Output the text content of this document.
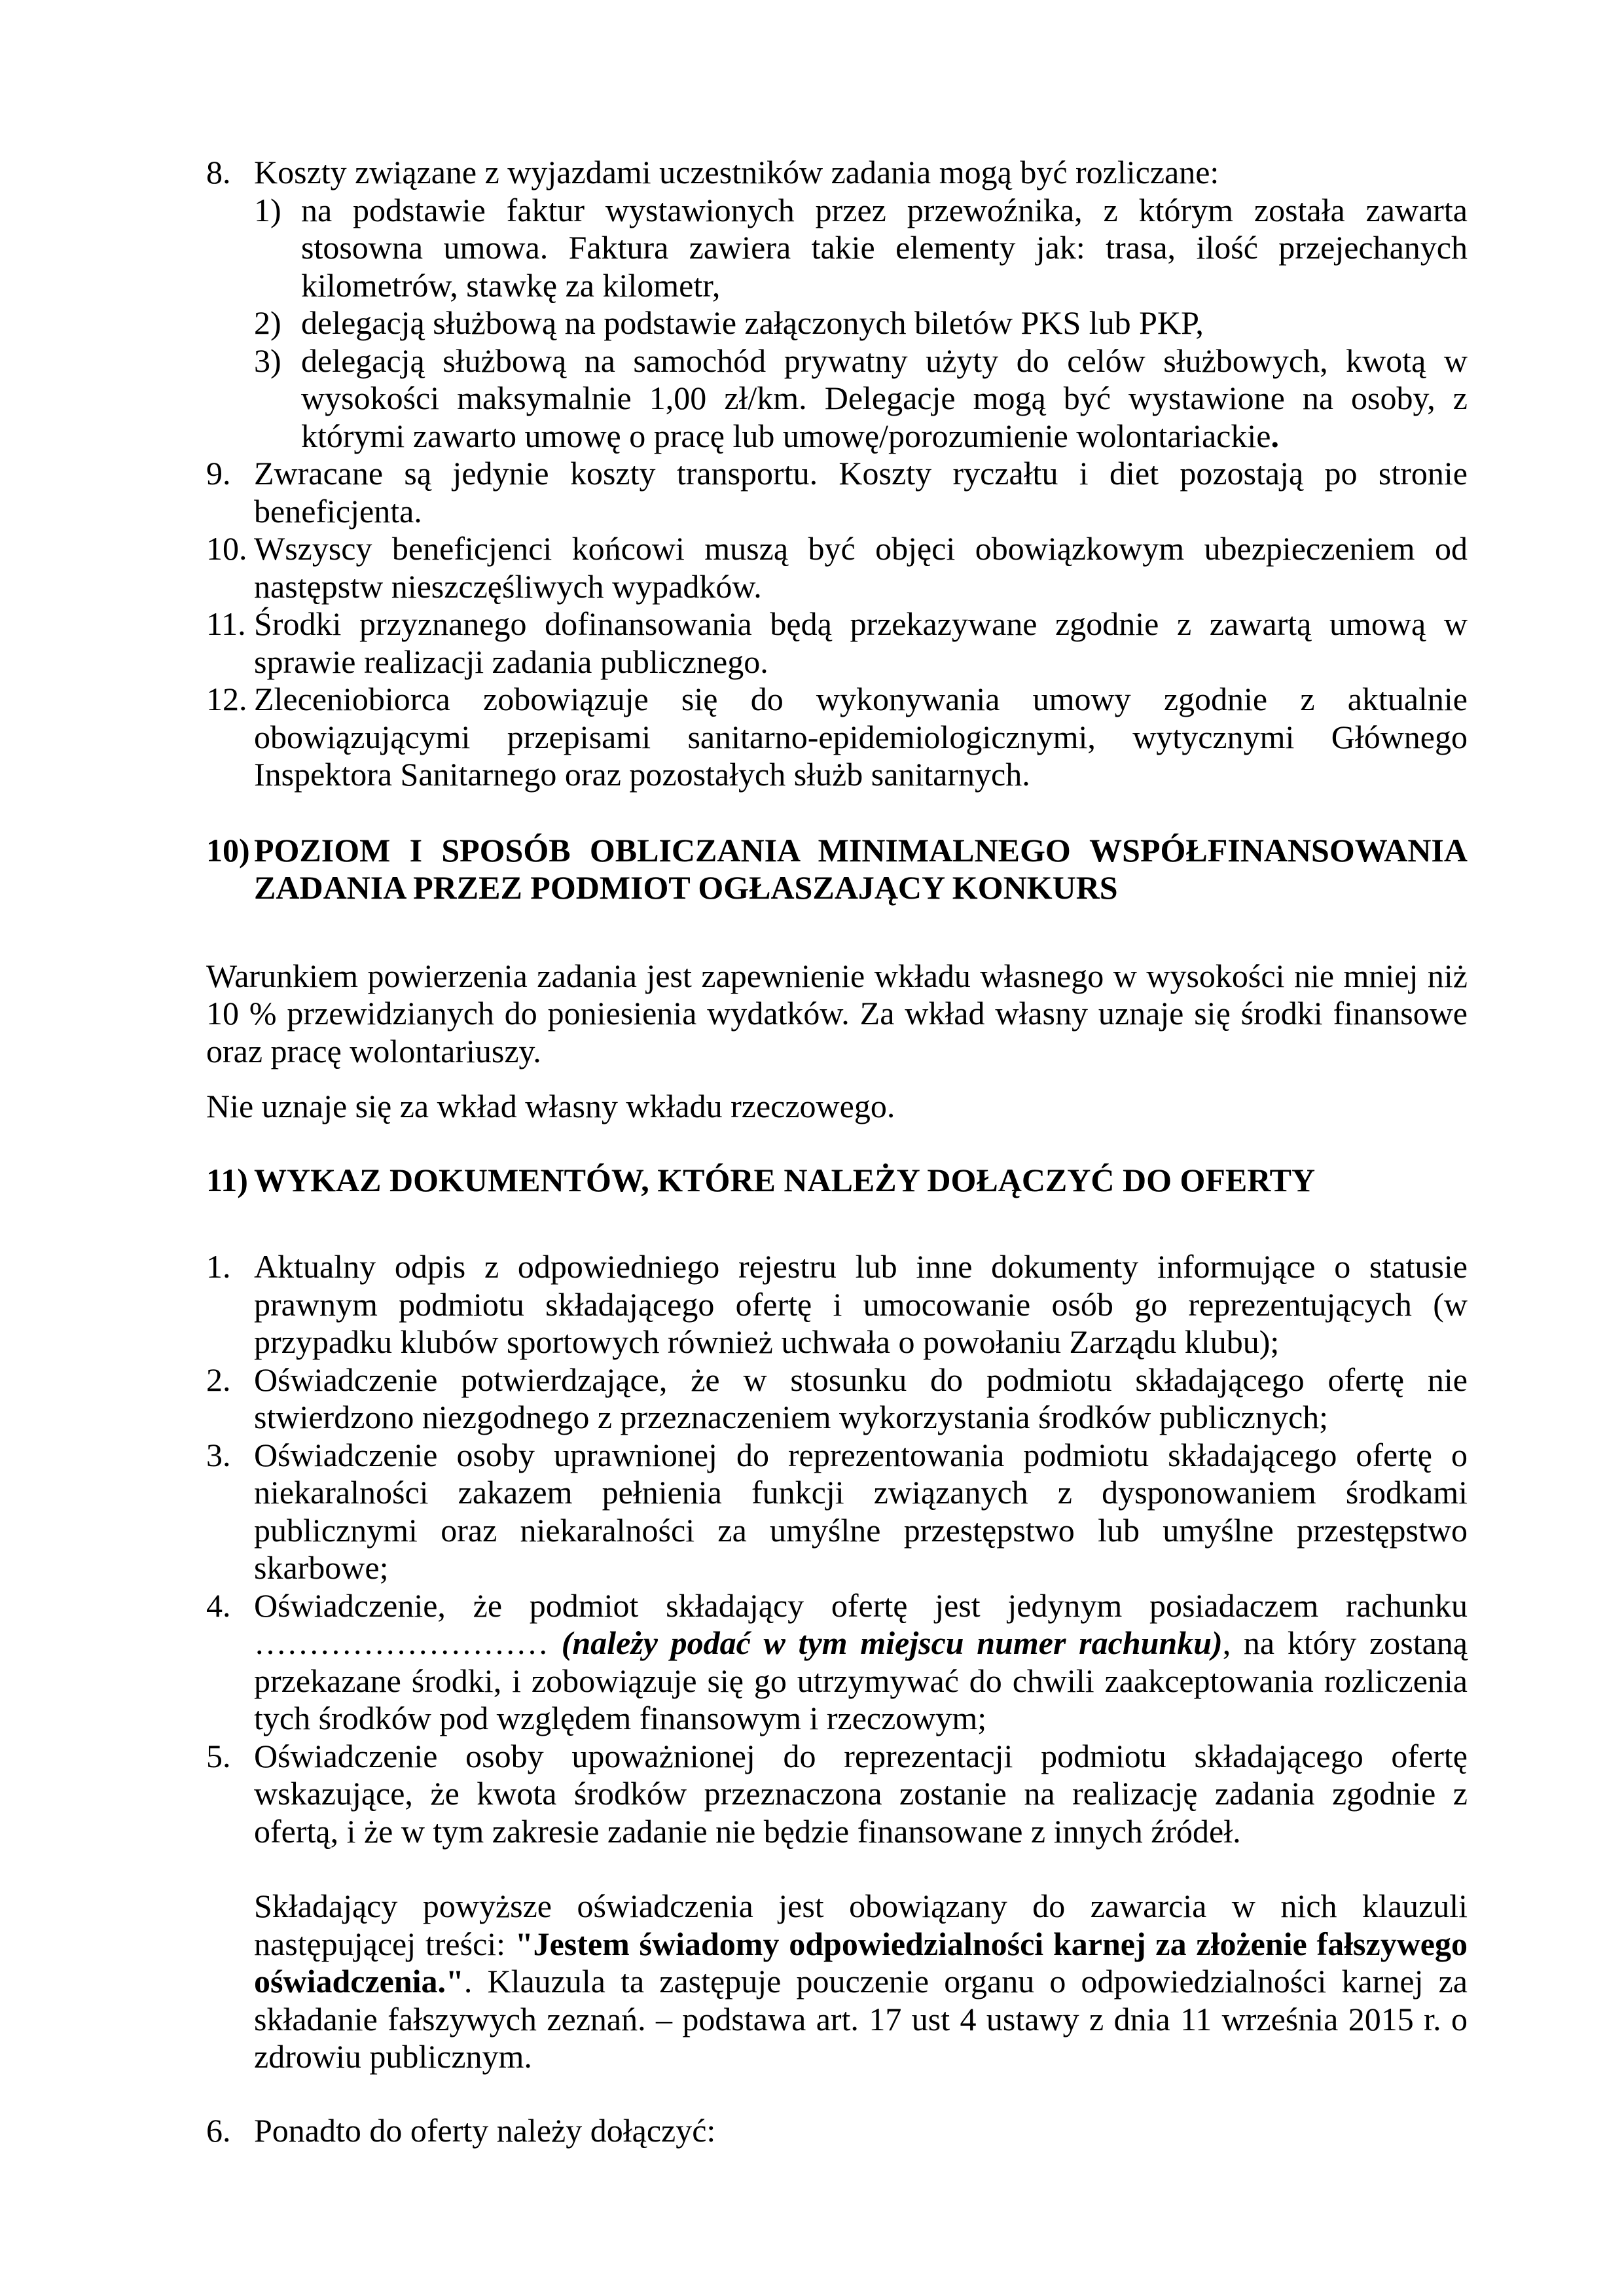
8. Koszty związane z wyjazdami uczestników zadania mogą być rozliczane:

1) na podstawie faktur wystawionych przez przewoźnika, z którym została zawarta stosowna umowa. Faktura zawiera takie elementy jak: trasa, ilość przejechanych kilometrów, stawkę za kilometr,

2) delegacją służbową na podstawie załączonych biletów PKS lub PKP,

3) delegacją służbową na samochód prywatny użyty do celów służbowych, kwotą w wysokości maksymalnie 1,00 zł/km. Delegacje mogą być wystawione na osoby, z którymi zawarto umowę o pracę lub umowę/porozumienie wolontariackie.

9. Zwracane są jedynie koszty transportu. Koszty ryczałtu i diet pozostają po stronie beneficjenta.

10. Wszyscy beneficjenci końcowi muszą być objęci obowiązkowym ubezpieczeniem od następstw nieszczęśliwych wypadków.

11. Środki przyznanego dofinansowania będą przekazywane zgodnie z zawartą umową w sprawie realizacji zadania publicznego.

12. Zleceniobiorca zobowiązuje się do wykonywania umowy zgodnie z aktualnie obowiązującymi przepisami sanitarno-epidemiologicznymi, wytycznymi Głównego Inspektora Sanitarnego oraz pozostałych służb sanitarnych.

10) POZIOM I SPOSÓB OBLICZANIA MINIMALNEGO WSPÓŁFINANSOWANIA ZADANIA PRZEZ PODMIOT OGŁASZAJĄCY KONKURS

Warunkiem powierzenia zadania jest zapewnienie wkładu własnego w wysokości nie mniej niż 10 % przewidzianych do poniesienia wydatków. Za wkład własny uznaje się środki finansowe oraz pracę wolontariuszy.

Nie uznaje się za wkład własny wkładu rzeczowego.

11) WYKAZ DOKUMENTÓW, KTÓRE NALEŻY DOŁĄCZYĆ DO OFERTY

1. Aktualny odpis z odpowiedniego rejestru lub inne dokumenty informujące o statusie prawnym podmiotu składającego ofertę i umocowanie osób go reprezentujących (w przypadku klubów sportowych również uchwała o powołaniu Zarządu klubu);

2. Oświadczenie potwierdzające, że w stosunku do podmiotu składającego ofertę nie stwierdzono niezgodnego z przeznaczeniem wykorzystania środków publicznych;

3. Oświadczenie osoby uprawnionej do reprezentowania podmiotu składającego ofertę o niekaralności zakazem pełnienia funkcji związanych z dysponowaniem środkami publicznymi oraz niekaralności za umyślne przestępstwo lub umyślne przestępstwo skarbowe;

4. Oświadczenie, że podmiot składający ofertę jest jedynym posiadaczem rachunku ……………………… (należy podać w tym miejscu numer rachunku), na który zostaną przekazane środki, i zobowiązuje się go utrzymywać do chwili zaakceptowania rozliczenia tych środków pod względem finansowym i rzeczowym;

5. Oświadczenie osoby upoważnionej do reprezentacji podmiotu składającego ofertę wskazujące, że kwota środków przeznaczona zostanie na realizację zadania zgodnie z ofertą, i że w tym zakresie zadanie nie będzie finansowane z innych źródeł.

Składający powyższe oświadczenia jest obowiązany do zawarcia w nich klauzuli następującej treści: "Jestem świadomy odpowiedzialności karnej za złożenie fałszywego oświadczenia.". Klauzula ta zastępuje pouczenie organu o odpowiedzialności karnej za składanie fałszywych zeznań. – podstawa art. 17 ust 4 ustawy z dnia 11 września 2015 r. o zdrowiu publicznym.

6. Ponadto do oferty należy dołączyć:
